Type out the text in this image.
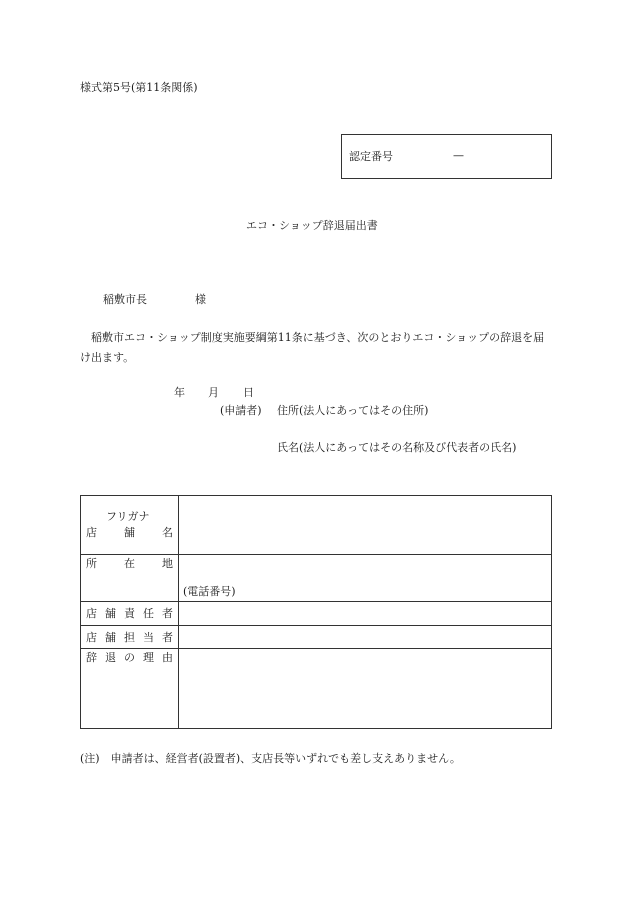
様式第5号(第11条関係)
認定番号	—
エコ・ショップ辞退届出書
稲敷市長	様
稲敷市エコ・ショップ制度実施要綱第11条に基づき、次のとおりエコ・ショップの辞退を届け出ます。
年 月 日
(申請者) 住所(法人にあってはその住所)
氏名(法人にあってはその名称及び代表者の氏名)
フリガナ
店 舗 名
所 在 地
(電話番号)
店 舗 責 任 者
店 舗 担 当 者
辞 退 の 理 由
(注)　申請者は、経営者(設置者)、支店長等いずれでも差し支えありません。
